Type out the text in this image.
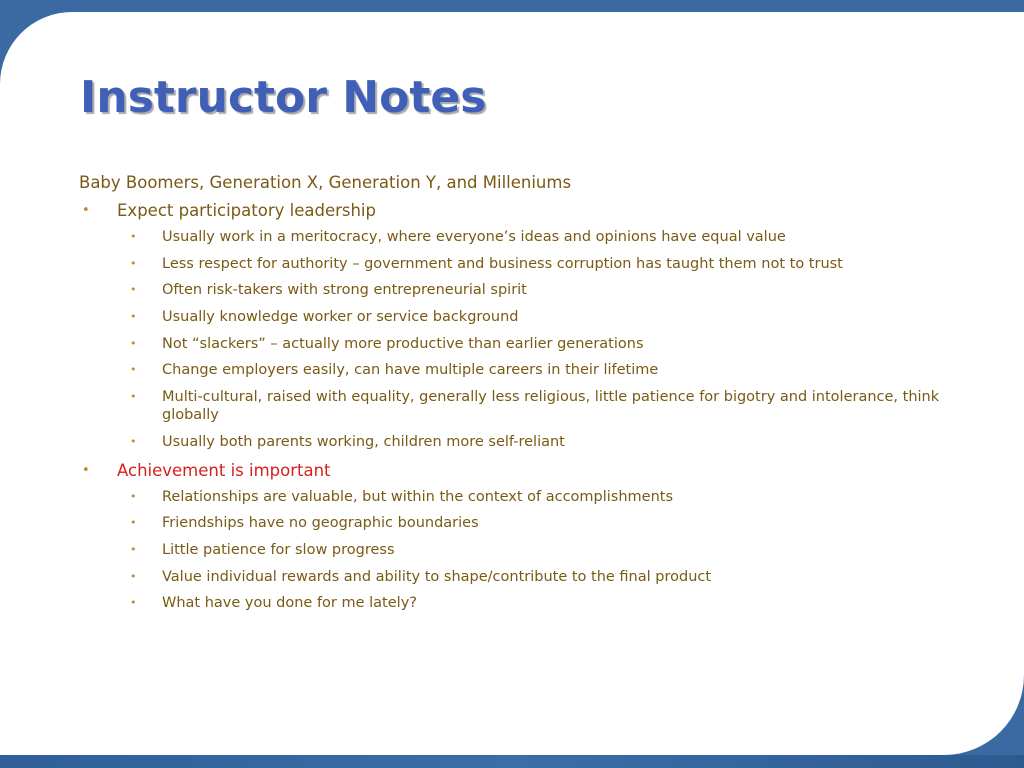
Instructor Notes

Baby Boomers, Generation X, Generation Y, and Milleniums

• Expect participatory leadership
• Usually work in a meritocracy, where everyone’s ideas and opinions have equal value
• Less respect for authority – government and business corruption has taught them not to trust
• Often risk-takers with strong entrepreneurial spirit
• Usually knowledge worker or service background
• Not “slackers” – actually more productive than earlier generations
• Change employers easily, can have multiple careers in their lifetime
• Multi-cultural, raised with equality, generally less religious, little patience for bigotry and intolerance, think globally
• Usually both parents working, children more self-reliant
• Achievement is important
• Relationships are valuable, but within the context of accomplishments
• Friendships have no geographic boundaries
• Little patience for slow progress
• Value individual rewards and ability to shape/contribute to the final product
• What have you done for me lately?
